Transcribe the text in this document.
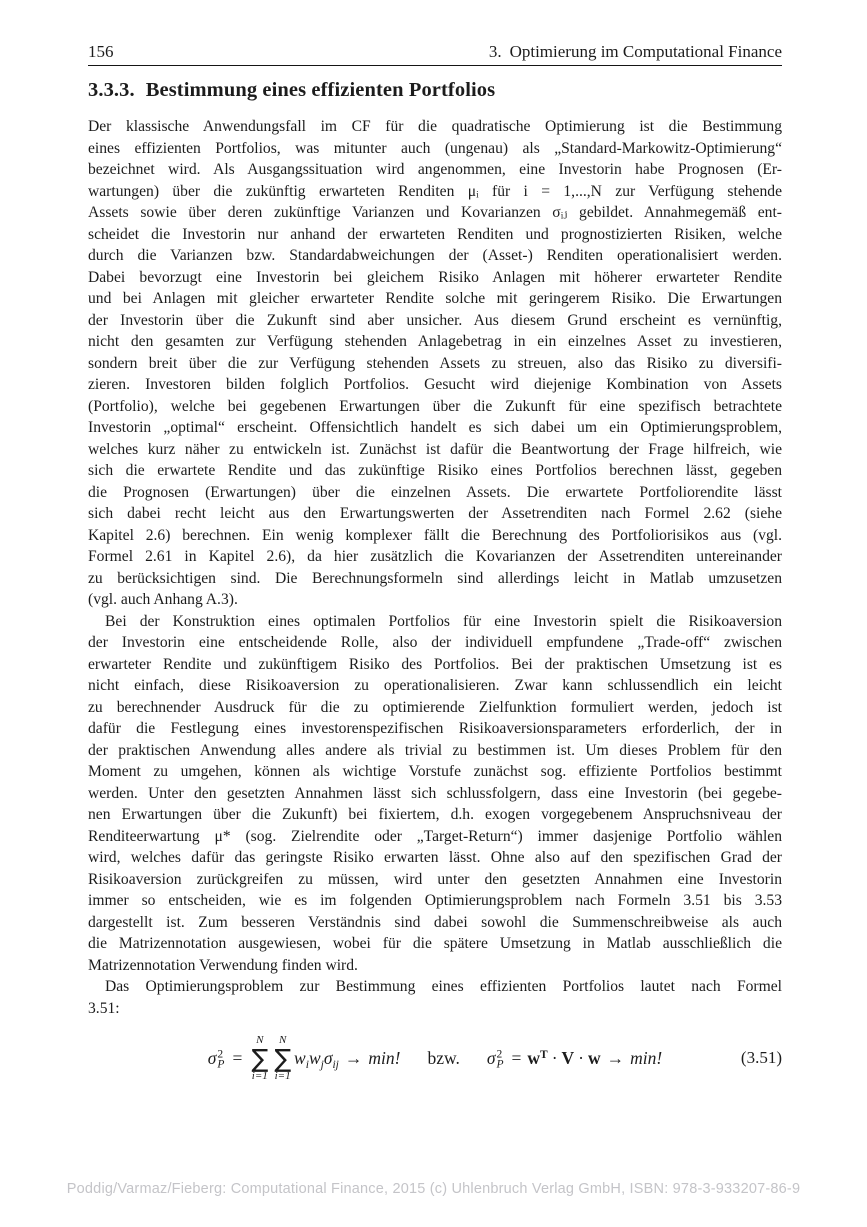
156	3. Optimierung im Computational Finance
3.3.3. Bestimmung eines effizienten Portfolios
Der klassische Anwendungsfall im CF für die quadratische Optimierung ist die Bestimmung
eines effizienten Portfolios, was mitunter auch (ungenau) als „Standard-Markowitz-Optimierung“
bezeichnet wird. Als Ausgangssituation wird angenommen, eine Investorin habe Prognosen (Er-
wartungen) über die zukünftig erwarteten Renditen μᵢ für i = 1,...,N zur Verfügung stehende
Assets sowie über deren zukünftige Varianzen und Kovarianzen σᵢⱼ gebildet. Annahmegemäß ent-
scheidet die Investorin nur anhand der erwarteten Renditen und prognostizierten Risiken, welche
durch die Varianzen bzw. Standardabweichungen der (Asset-) Renditen operationalisiert werden.
Dabei bevorzugt eine Investorin bei gleichem Risiko Anlagen mit höherer erwarteter Rendite
und bei Anlagen mit gleicher erwarteter Rendite solche mit geringerem Risiko. Die Erwartungen
der Investorin über die Zukunft sind aber unsicher. Aus diesem Grund erscheint es vernünftig,
nicht den gesamten zur Verfügung stehenden Anlagebetrag in ein einzelnes Asset zu investieren,
sondern breit über die zur Verfügung stehenden Assets zu streuen, also das Risiko zu diversifi-
zieren. Investoren bilden folglich Portfolios. Gesucht wird diejenige Kombination von Assets
(Portfolio), welche bei gegebenen Erwartungen über die Zukunft für eine spezifisch betrachtete
Investorin „optimal“ erscheint. Offensichtlich handelt es sich dabei um ein Optimierungsproblem,
welches kurz näher zu entwickeln ist. Zunächst ist dafür die Beantwortung der Frage hilfreich, wie
sich die erwartete Rendite und das zukünftige Risiko eines Portfolios berechnen lässt, gegeben
die Prognosen (Erwartungen) über die einzelnen Assets. Die erwartete Portfoliorendite lässt
sich dabei recht leicht aus den Erwartungswerten der Assetrenditen nach Formel 2.62 (siehe
Kapitel 2.6) berechnen. Ein wenig komplexer fällt die Berechnung des Portfoliorisikos aus (vgl.
Formel 2.61 in Kapitel 2.6), da hier zusätzlich die Kovarianzen der Assetrenditen untereinander
zu berücksichtigen sind. Die Berechnungsformeln sind allerdings leicht in Matlab umzusetzen
(vgl. auch Anhang A.3).
Bei der Konstruktion eines optimalen Portfolios für eine Investorin spielt die Risikoaversion
der Investorin eine entscheidende Rolle, also der individuell empfundene „Trade-off“ zwischen
erwarteter Rendite und zukünftigem Risiko des Portfolios. Bei der praktischen Umsetzung ist es
nicht einfach, diese Risikoaversion zu operationalisieren. Zwar kann schlussendlich ein leicht
zu berechnender Ausdruck für die zu optimierende Zielfunktion formuliert werden, jedoch ist
dafür die Festlegung eines investorenspezifischen Risikoaversionsparameters erforderlich, der in
der praktischen Anwendung alles andere als trivial zu bestimmen ist. Um dieses Problem für den
Moment zu umgehen, können als wichtige Vorstufe zunächst sog. effiziente Portfolios bestimmt
werden. Unter den gesetzten Annahmen lässt sich schlussfolgern, dass eine Investorin (bei gegebe-
nen Erwartungen über die Zukunft) bei fixiertem, d.h. exogen vorgegebenem Anspruchsniveau der
Renditeerwartung μ* (sog. Zielrendite oder „Target-Return“) immer dasjenige Portfolio wählen
wird, welches dafür das geringste Risiko erwarten lässt. Ohne also auf den spezifischen Grad der
Risikoaversion zurückgreifen zu müssen, wird unter den gesetzten Annahmen eine Investorin
immer so entscheiden, wie es im folgenden Optimierungsproblem nach Formeln 3.51 bis 3.53
dargestellt ist. Zum besseren Verständnis sind dabei sowohl die Summenschreibweise als auch
die Matrizennotation ausgewiesen, wobei für die spätere Umsetzung in Matlab ausschließlich die
Matrizennotation Verwendung finden wird.
Das Optimierungsproblem zur Bestimmung eines effizienten Portfolios lautet nach Formel
3.51:
σ 2
P =
N
∑
i=1
N
∑
i=1
$w_i$ $w_j$ $\sigma_{ij} \to \min$! bzw. σ 2
$P = w^T \cdot V \cdot w \to \min$!	(3.51)
Poddig/Varmaz/Fieberg: Computational Finance, 2015 (c) Uhlenbruch Verlag GmbH, ISBN: 978-3-933207-86-9
